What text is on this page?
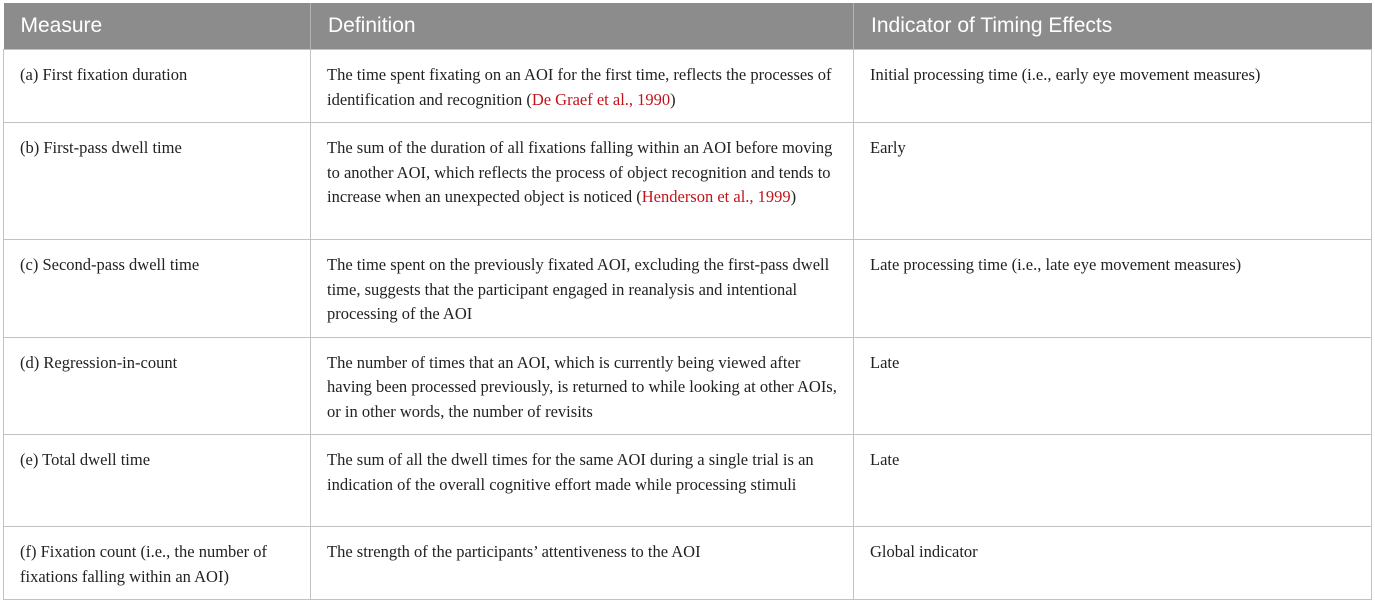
Measure	Definition	Indicator of Timing Effects
(a) First fixation duration	The time spent fixating on an AOI for the first time, reflects the processes of identification and recognition (De Graef et al., 1990)	Initial processing time (i.e., early eye movement measures)
(b) First-pass dwell time	The sum of the duration of all fixations falling within an AOI before moving to another AOI, which reflects the process of object recognition and tends to increase when an unexpected object is noticed (Henderson et al., 1999)	Early
(c) Second-pass dwell time	The time spent on the previously fixated AOI, excluding the first-pass dwell time, suggests that the participant engaged in reanalysis and intentional processing of the AOI	Late processing time (i.e., late eye movement measures)
(d) Regression-in-count	The number of times that an AOI, which is currently being viewed after having been processed previously, is returned to while looking at other AOIs, or in other words, the number of revisits	Late
(e) Total dwell time	The sum of all the dwell times for the same AOI during a single trial is an indication of the overall cognitive effort made while processing stimuli	Late
(f) Fixation count (i.e., the number of fixations falling within an AOI)	The strength of the participants’ attentiveness to the AOI	Global indicator
